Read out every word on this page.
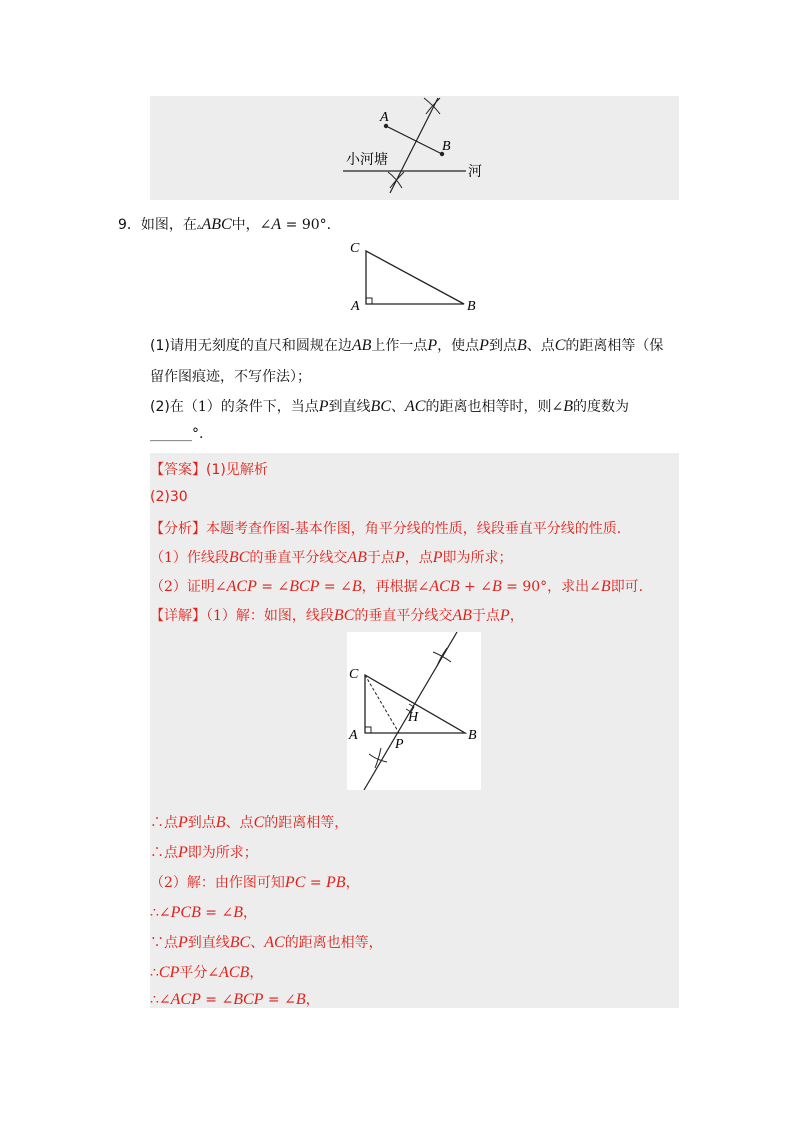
A
B
小河塘
河
9．如图，在▵ABC中，∠A = 90°.
C
A	B
(1)请用无刻度的直尺和圆规在边AB上作一点P，使点P到点B、点C的距离相等（保
留作图痕迹，不写作法）；
(2)在（1）的条件下，当点P到直线BC、AC的距离也相等时，则∠B的度数为
______°.
【答案】(1)见解析
(2)30
【分析】本题考查作图-基本作图，角平分线的性质，线段垂直平分线的性质.
（1）作线段BC的垂直平分线交AB于点P，点P即为所求；
（2）证明∠ACP = ∠BCP = ∠B，再根据∠ACB + ∠B = 90°，求出∠B即可.
【详解】（1）解：如图，线段BC的垂直平分线交AB于点P，
C
A
P
B
H
∴点P到点B、点C的距离相等，
∴点P即为所求；
（2）解：由作图可知PC = PB，
∴∠PCB = ∠B，
∵点P到直线BC、AC的距离也相等，
∴CP平分∠ACB，
∴∠ACP = ∠BCP = ∠B，
